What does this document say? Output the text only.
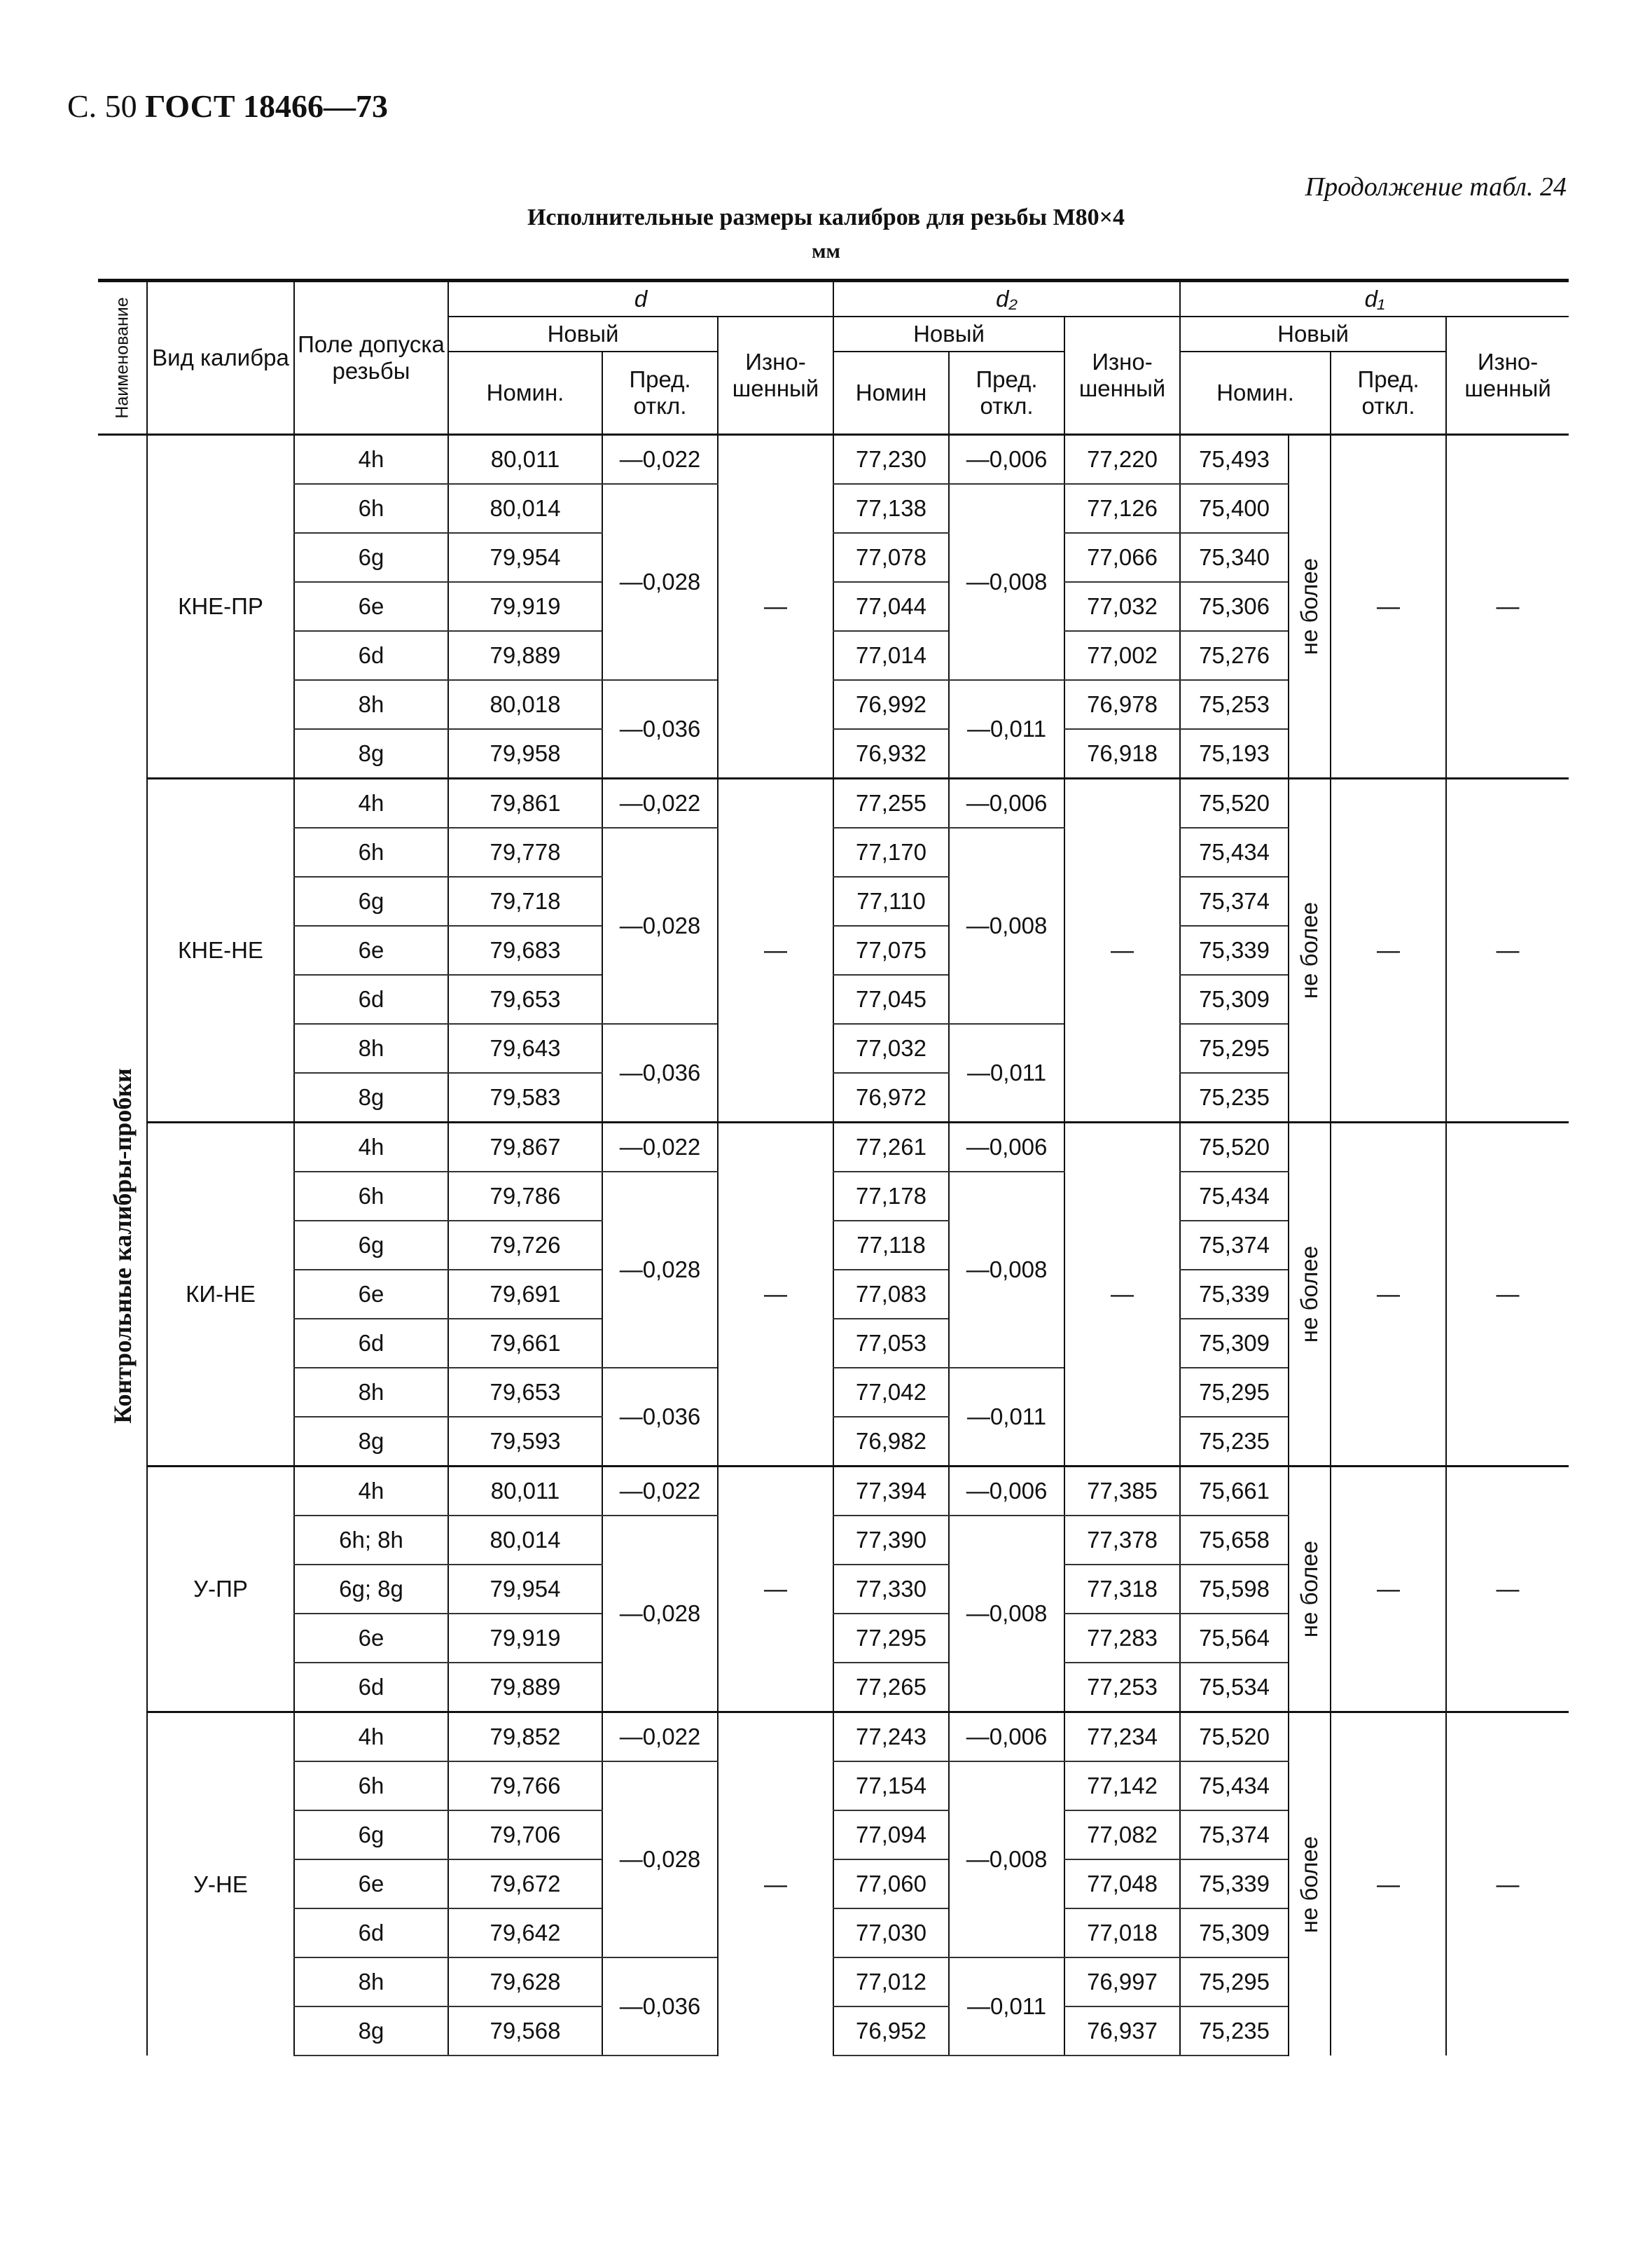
С. 50 ГОСТ 18466—73
Продолжение табл. 24
Исполнительные размеры калибров для резьбы М80×4
мм
Наименование	Вид калибра	Поле допуска резьбы	d			d₂			d₁			
			Новый		Изно- шенный	Новый		Изно- шенный	Новый			Изно- шенный
			Номин.	Пред. откл.		Номин	Пред. откл.		Номин.		Пред. откл.	

Контрольные калибры-пробки	КНЕ-ПР	4h	80,011	—0,022	—	77,230	—0,006	77,220	75,493	не более	—	—
		6h	80,014	—0,028		77,138	—0,008	77,126	75,400			
		6g	79,954			77,078		77,066	75,340			
		6e	79,919			77,044		77,032	75,306			
		6d	79,889			77,014		77,002	75,276			
		8h	80,018	—0,036		76,992	—0,011	76,978	75,253			
		8g	79,958			76,932		76,918	75,193			
	КНЕ-НЕ	4h	79,861	—0,022	—	77,255	—0,006	—	75,520	не более	—	—
		6h	79,778	—0,028		77,170	—0,008		75,434			
		6g	79,718			77,110			75,374			
		6e	79,683			77,075			75,339			
		6d	79,653			77,045			75,309			
		8h	79,643	—0,036		77,032	—0,011		75,295			
		8g	79,583			76,972			75,235			
	КИ-НЕ	4h	79,867	—0,022	—	77,261	—0,006	—	75,520	не более	—	—
		6h	79,786	—0,028		77,178	—0,008		75,434			
		6g	79,726			77,118			75,374			
		6e	79,691			77,083			75,339			
		6d	79,661			77,053			75,309			
		8h	79,653	—0,036		77,042	—0,011		75,295			
		8g	79,593			76,982			75,235			
	У-ПР	4h	80,011	—0,022	—	77,394	—0,006	77,385	75,661	не более	—	—
		6h; 8h	80,014	—0,028		77,390	—0,008	77,378	75,658			
		6g; 8g	79,954			77,330		77,318	75,598			
		6e	79,919			77,295		77,283	75,564			
		6d	79,889			77,265		77,253	75,534			
	У-НЕ	4h	79,852	—0,022	—	77,243	—0,006	77,234	75,520	не более	—	—
		6h	79,766	—0,028		77,154	—0,008	77,142	75,434			
		6g	79,706			77,094		77,082	75,374			
		6e	79,672			77,060		77,048	75,339			
		6d	79,642			77,030		77,018	75,309			
		8h	79,628	—0,036		77,012	—0,011	76,997	75,295			
		8g	79,568			76,952		76,937	75,235			
